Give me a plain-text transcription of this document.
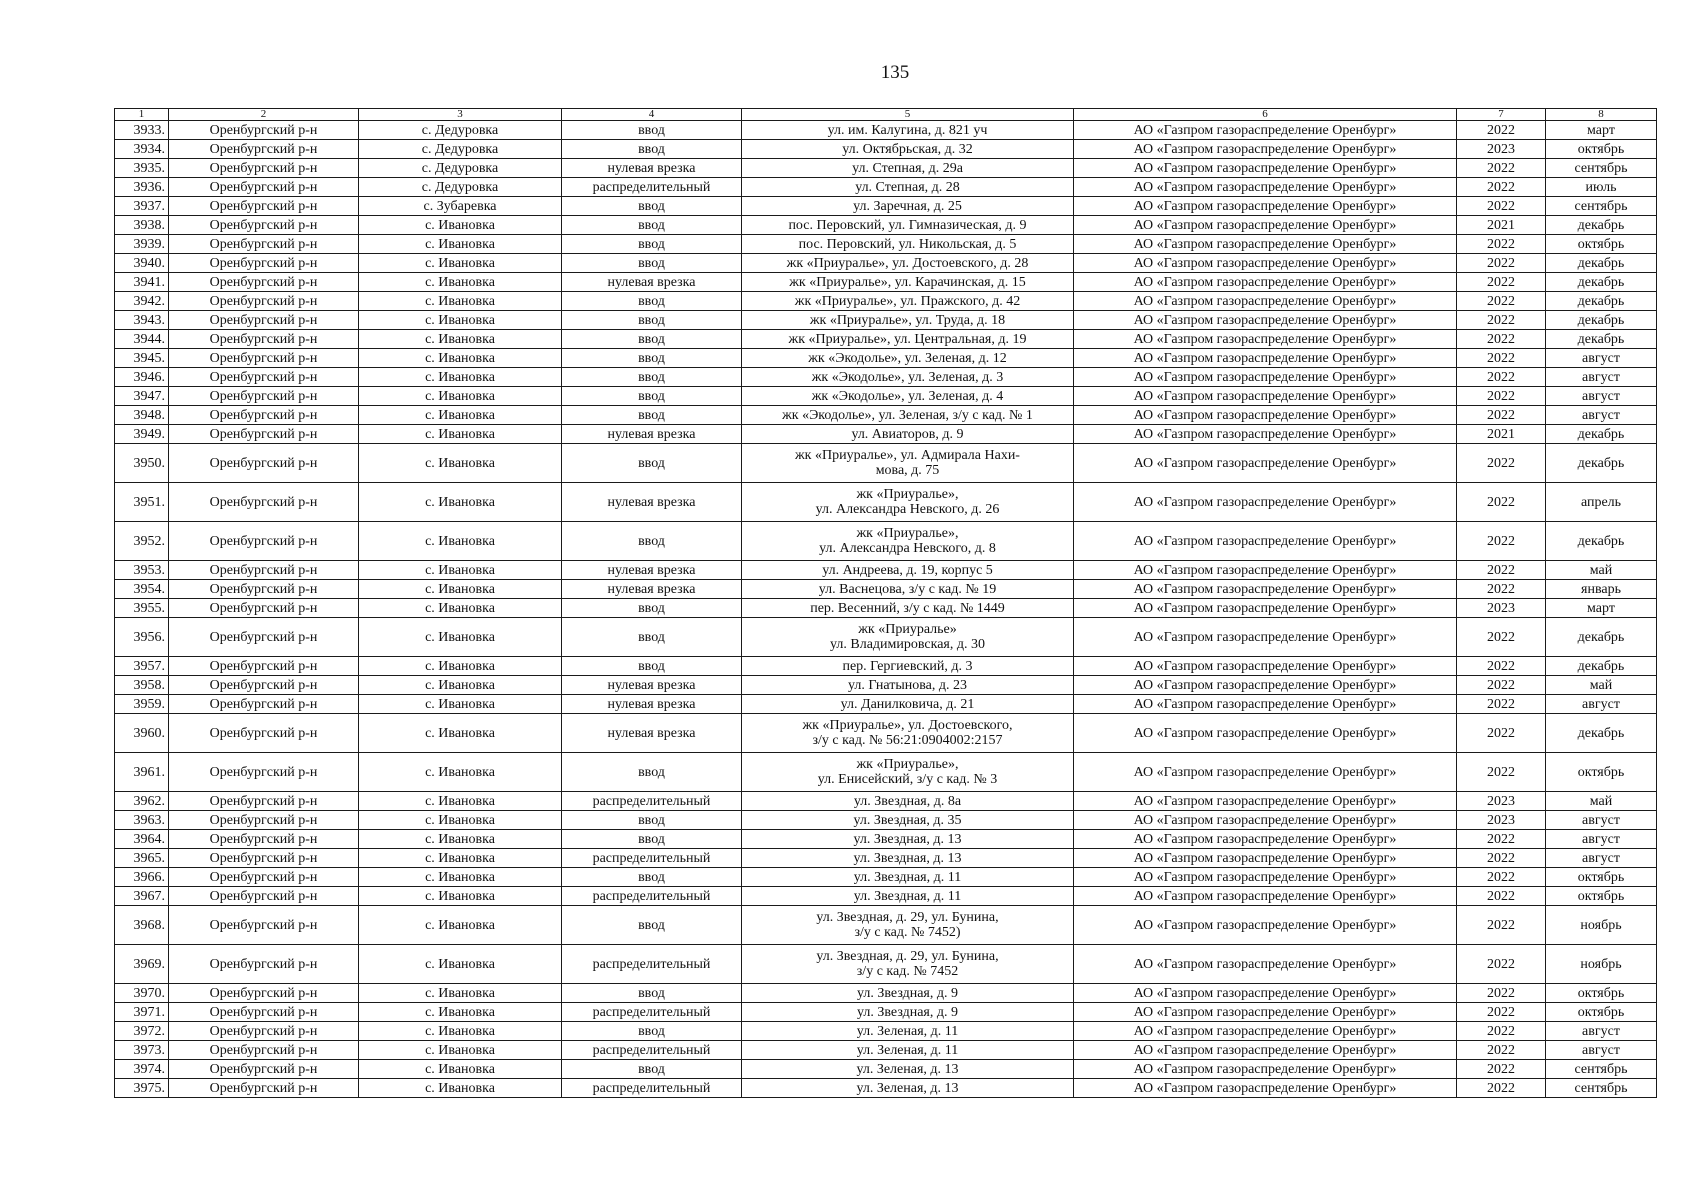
135
1	2	3	4	5	6	7	8
3933.	Оренбургский р-н	с. Дедуровка	ввод	ул. им. Калугина, д. 821 уч	АО «Газпром газораспределение Оренбург»	2022	март
3934.	Оренбургский р-н	с. Дедуровка	ввод	ул. Октябрьская, д. 32	АО «Газпром газораспределение Оренбург»	2023	октябрь
3935.	Оренбургский р-н	с. Дедуровка	нулевая врезка	ул. Степная, д. 29а	АО «Газпром газораспределение Оренбург»	2022	сентябрь
3936.	Оренбургский р-н	с. Дедуровка	распределительный	ул. Степная, д. 28	АО «Газпром газораспределение Оренбург»	2022	июль
3937.	Оренбургский р-н	с. Зубаревка	ввод	ул. Заречная, д. 25	АО «Газпром газораспределение Оренбург»	2022	сентябрь
3938.	Оренбургский р-н	с. Ивановка	ввод	пос. Перовский, ул. Гимназическая, д. 9	АО «Газпром газораспределение Оренбург»	2021	декабрь
3939.	Оренбургский р-н	с. Ивановка	ввод	пос. Перовский, ул. Никольская, д. 5	АО «Газпром газораспределение Оренбург»	2022	октябрь
3940.	Оренбургский р-н	с. Ивановка	ввод	жк «Приуралье», ул. Достоевского, д. 28	АО «Газпром газораспределение Оренбург»	2022	декабрь
3941.	Оренбургский р-н	с. Ивановка	нулевая врезка	жк «Приуралье», ул. Карачинская, д. 15	АО «Газпром газораспределение Оренбург»	2022	декабрь
3942.	Оренбургский р-н	с. Ивановка	ввод	жк «Приуралье», ул. Пражского, д. 42	АО «Газпром газораспределение Оренбург»	2022	декабрь
3943.	Оренбургский р-н	с. Ивановка	ввод	жк «Приуралье», ул. Труда, д. 18	АО «Газпром газораспределение Оренбург»	2022	декабрь
3944.	Оренбургский р-н	с. Ивановка	ввод	жк «Приуралье», ул. Центральная, д. 19	АО «Газпром газораспределение Оренбург»	2022	декабрь
3945.	Оренбургский р-н	с. Ивановка	ввод	жк «Экодолье», ул. Зеленая, д. 12	АО «Газпром газораспределение Оренбург»	2022	август
3946.	Оренбургский р-н	с. Ивановка	ввод	жк «Экодолье», ул. Зеленая, д. 3	АО «Газпром газораспределение Оренбург»	2022	август
3947.	Оренбургский р-н	с. Ивановка	ввод	жк «Экодолье», ул. Зеленая, д. 4	АО «Газпром газораспределение Оренбург»	2022	август
3948.	Оренбургский р-н	с. Ивановка	ввод	жк «Экодолье», ул. Зеленая, з/у с кад. № 1	АО «Газпром газораспределение Оренбург»	2022	август
3949.	Оренбургский р-н	с. Ивановка	нулевая врезка	ул. Авиаторов, д. 9	АО «Газпром газораспределение Оренбург»	2021	декабрь
3950.	Оренбургский р-н	с. Ивановка	ввод	жк «Приуралье», ул. Адмирала Нахи-
мова, д. 75	АО «Газпром газораспределение Оренбург»	2022	декабрь
3951.	Оренбургский р-н	с. Ивановка	нулевая врезка	жк «Приуралье»,
ул. Александра Невского, д. 26	АО «Газпром газораспределение Оренбург»	2022	апрель
3952.	Оренбургский р-н	с. Ивановка	ввод	жк «Приуралье»,
ул. Александра Невского, д. 8	АО «Газпром газораспределение Оренбург»	2022	декабрь
3953.	Оренбургский р-н	с. Ивановка	нулевая врезка	ул. Андреева, д. 19, корпус 5	АО «Газпром газораспределение Оренбург»	2022	май
3954.	Оренбургский р-н	с. Ивановка	нулевая врезка	ул. Васнецова, з/у с кад. № 19	АО «Газпром газораспределение Оренбург»	2022	январь
3955.	Оренбургский р-н	с. Ивановка	ввод	пер. Весенний, з/у с кад. № 1449	АО «Газпром газораспределение Оренбург»	2023	март
3956.	Оренбургский р-н	с. Ивановка	ввод	жк «Приуралье»
ул. Владимировская, д. 30	АО «Газпром газораспределение Оренбург»	2022	декабрь
3957.	Оренбургский р-н	с. Ивановка	ввод	пер. Гергиевский, д. 3	АО «Газпром газораспределение Оренбург»	2022	декабрь
3958.	Оренбургский р-н	с. Ивановка	нулевая врезка	ул. Гнатынова, д. 23	АО «Газпром газораспределение Оренбург»	2022	май
3959.	Оренбургский р-н	с. Ивановка	нулевая врезка	ул. Данилковича, д. 21	АО «Газпром газораспределение Оренбург»	2022	август
3960.	Оренбургский р-н	с. Ивановка	нулевая врезка	жк «Приуралье», ул. Достоевского,
з/у с кад. № 56:21:0904002:2157	АО «Газпром газораспределение Оренбург»	2022	декабрь
3961.	Оренбургский р-н	с. Ивановка	ввод	жк «Приуралье»,
ул. Енисейский, з/у с кад. № 3	АО «Газпром газораспределение Оренбург»	2022	октябрь
3962.	Оренбургский р-н	с. Ивановка	распределительный	ул. Звездная, д. 8а	АО «Газпром газораспределение Оренбург»	2023	май
3963.	Оренбургский р-н	с. Ивановка	ввод	ул. Звездная, д. 35	АО «Газпром газораспределение Оренбург»	2023	август
3964.	Оренбургский р-н	с. Ивановка	ввод	ул. Звездная, д. 13	АО «Газпром газораспределение Оренбург»	2022	август
3965.	Оренбургский р-н	с. Ивановка	распределительный	ул. Звездная, д. 13	АО «Газпром газораспределение Оренбург»	2022	август
3966.	Оренбургский р-н	с. Ивановка	ввод	ул. Звездная, д. 11	АО «Газпром газораспределение Оренбург»	2022	октябрь
3967.	Оренбургский р-н	с. Ивановка	распределительный	ул. Звездная, д. 11	АО «Газпром газораспределение Оренбург»	2022	октябрь
3968.	Оренбургский р-н	с. Ивановка	ввод	ул. Звездная, д. 29, ул. Бунина,
з/у с кад. № 7452)	АО «Газпром газораспределение Оренбург»	2022	ноябрь
3969.	Оренбургский р-н	с. Ивановка	распределительный	ул. Звездная, д. 29, ул. Бунина,
з/у с кад. № 7452	АО «Газпром газораспределение Оренбург»	2022	ноябрь
3970.	Оренбургский р-н	с. Ивановка	ввод	ул. Звездная, д. 9	АО «Газпром газораспределение Оренбург»	2022	октябрь
3971.	Оренбургский р-н	с. Ивановка	распределительный	ул. Звездная, д. 9	АО «Газпром газораспределение Оренбург»	2022	октябрь
3972.	Оренбургский р-н	с. Ивановка	ввод	ул. Зеленая, д. 11	АО «Газпром газораспределение Оренбург»	2022	август
3973.	Оренбургский р-н	с. Ивановка	распределительный	ул. Зеленая, д. 11	АО «Газпром газораспределение Оренбург»	2022	август
3974.	Оренбургский р-н	с. Ивановка	ввод	ул. Зеленая, д. 13	АО «Газпром газораспределение Оренбург»	2022	сентябрь
3975.	Оренбургский р-н	с. Ивановка	распределительный	ул. Зеленая, д. 13	АО «Газпром газораспределение Оренбург»	2022	сентябрь
